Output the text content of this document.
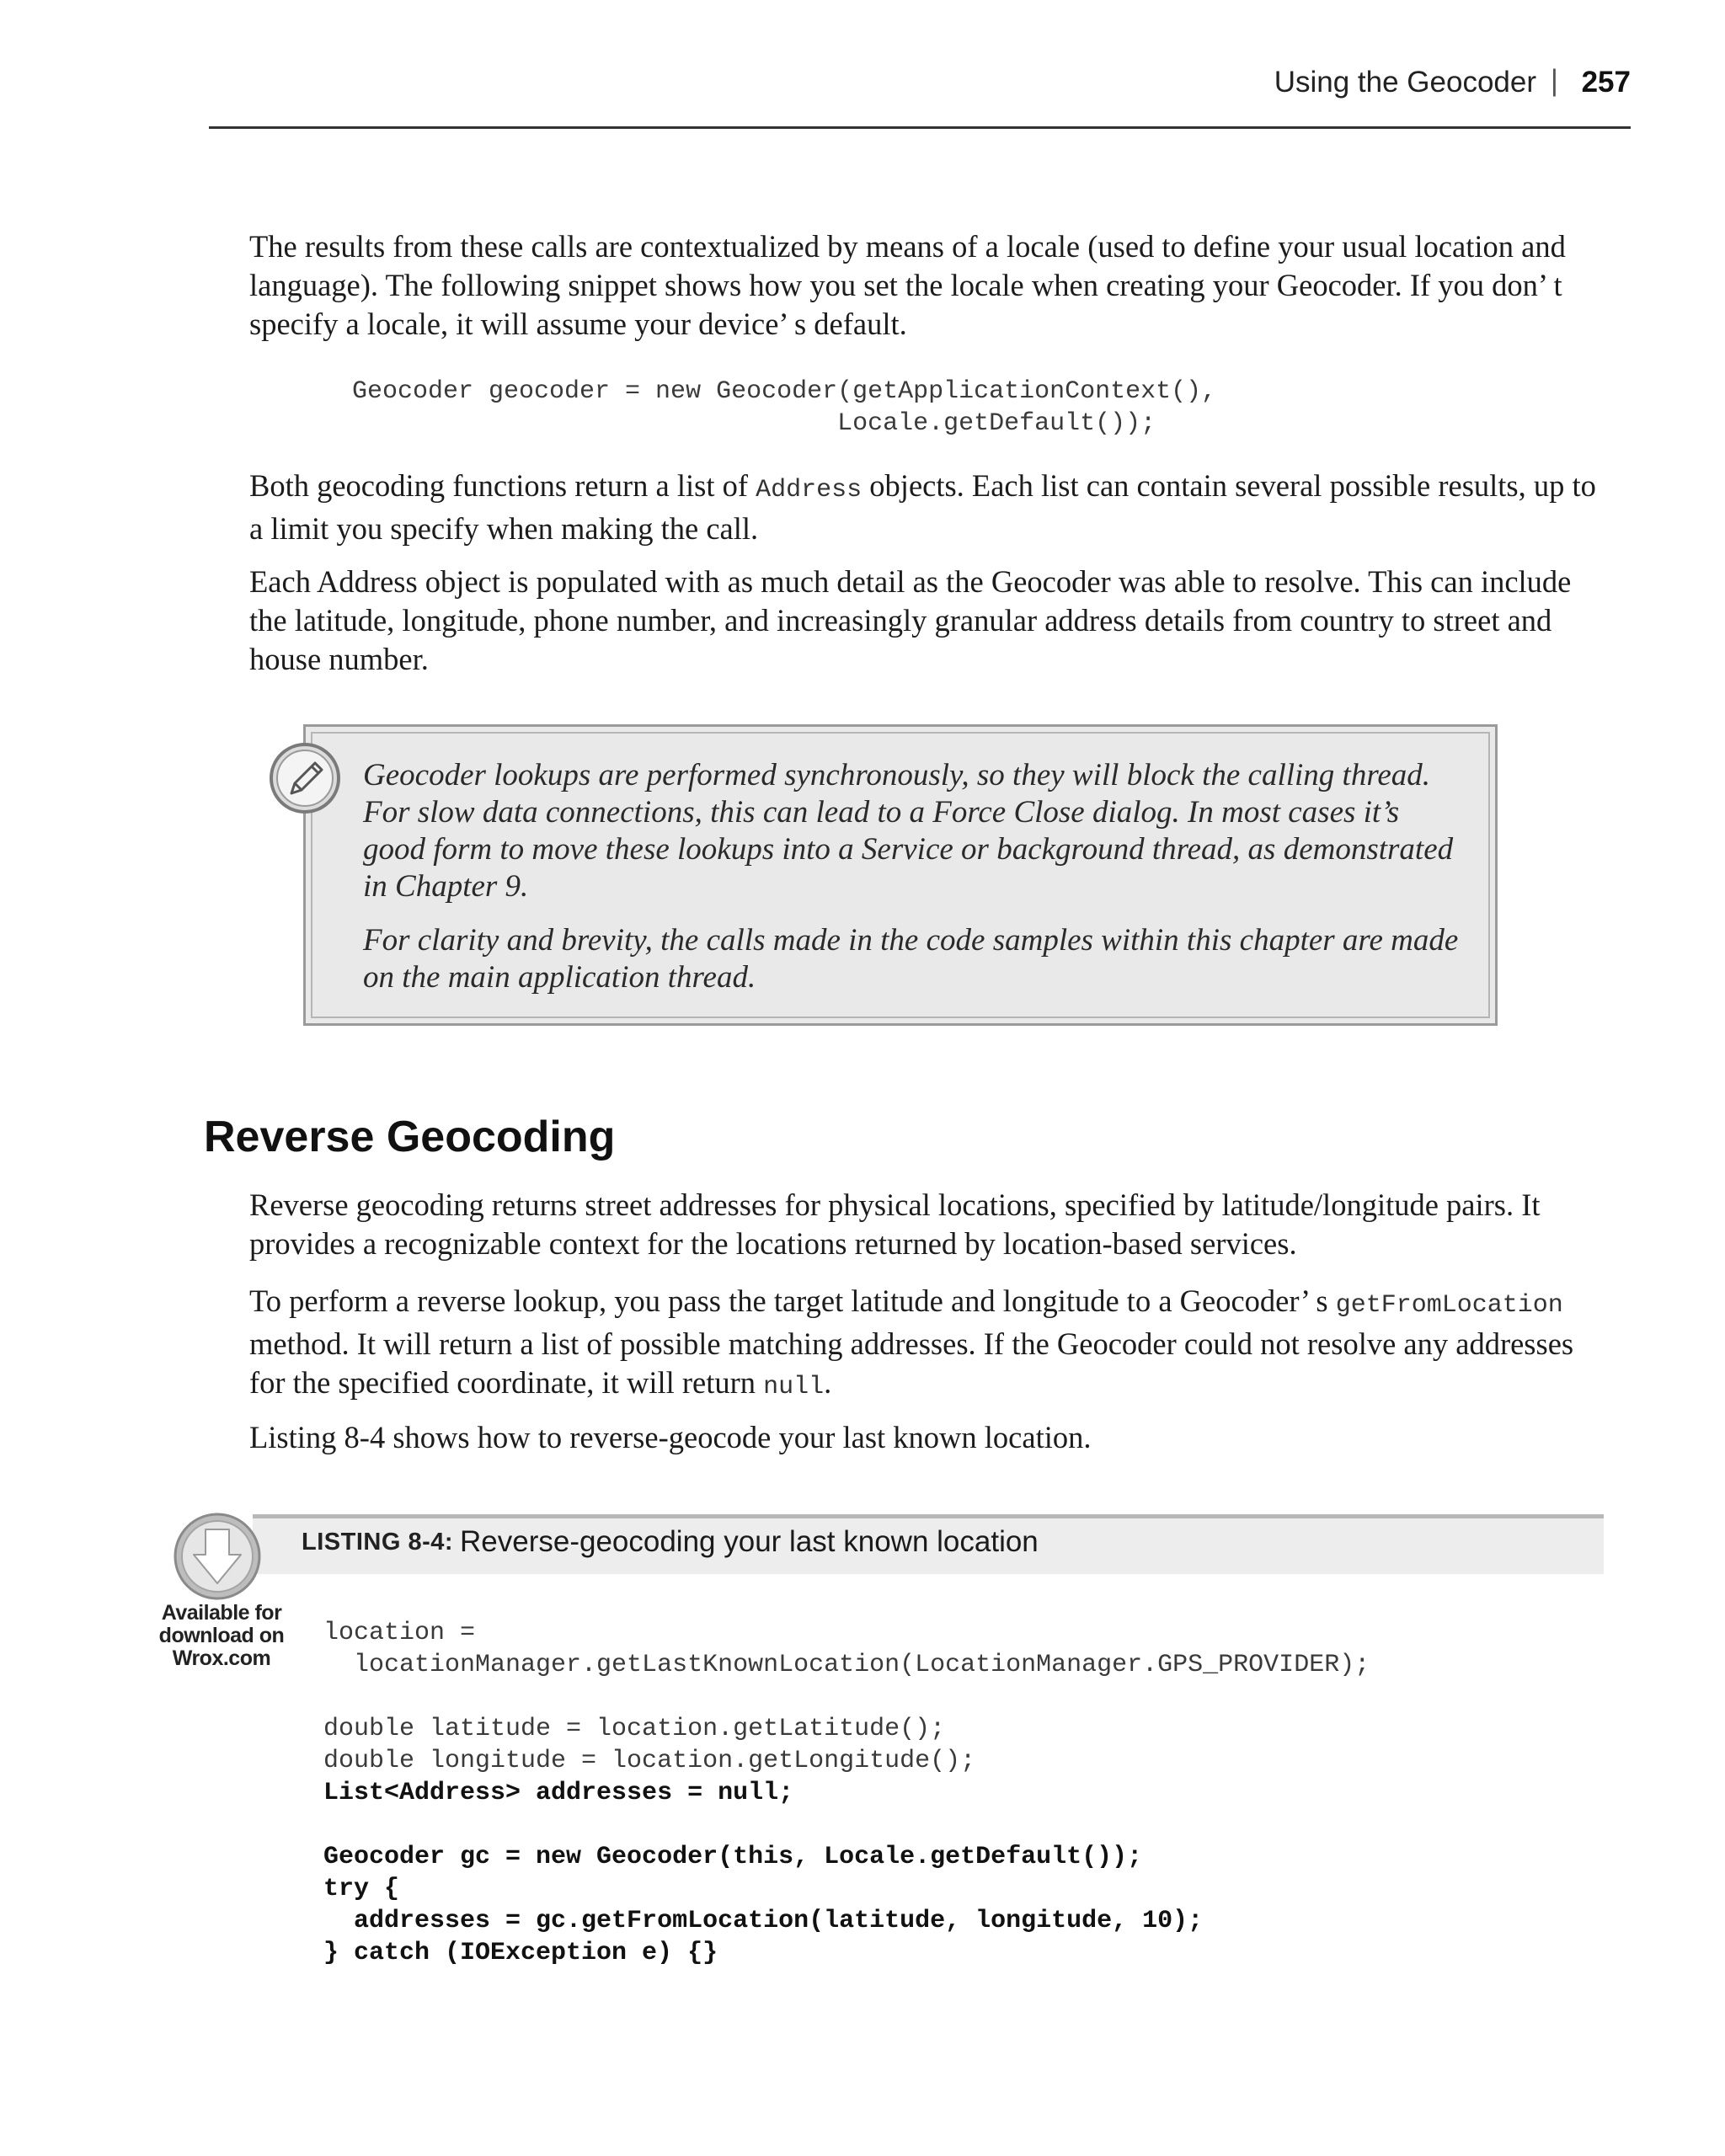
Using the Geocoder | 257

The results from these calls are contextualized by means of a locale (used to define your usual location and language). The following snippet shows how you set the locale when creating your Geocoder. If you don’ t specify a locale, it will assume your device’ s default.

Geocoder geocoder = new Geocoder(getApplicationContext(),
Locale.getDefault());

Both geocoding functions return a list of Address objects. Each list can contain several possible results, up to a limit you specify when making the call.

Each Address object is populated with as much detail as the Geocoder was able to resolve. This can include the latitude, longitude, phone number, and increasingly granular address details from country to street and house number.

Geocoder lookups are performed synchronously, so they will block the calling thread. For slow data connections, this can lead to a Force Close dialog. In most cases it’s good form to move these lookups into a Service or background thread, as demonstrated in Chapter 9.

For clarity and brevity, the calls made in the code samples within this chapter are made on the main application thread.

Reverse Geocoding

Reverse geocoding returns street addresses for physical locations, specified by latitude/longitude pairs. It provides a recognizable context for the locations returned by location-based services.

To perform a reverse lookup, you pass the target latitude and longitude to a Geocoder’ s getFromLocation method. It will return a list of possible matching addresses. If the Geocoder could not resolve any addresses for the specified coordinate, it will return null.

Listing 8-4 shows how to reverse-geocode your last known location.

LISTING 8-4: Reverse-geocoding your last known location
Available for
download on
Wrox.com
location =
locationManager.getLastKnownLocation(LocationManager.GPS_PROVIDER);

double latitude = location.getLatitude();
double longitude = location.getLongitude();
List<Address> addresses = null;

Geocoder gc = new Geocoder(this, Locale.getDefault());
try {
addresses = gc.getFromLocation(latitude, longitude, 10);
} catch (IOException e) {}
